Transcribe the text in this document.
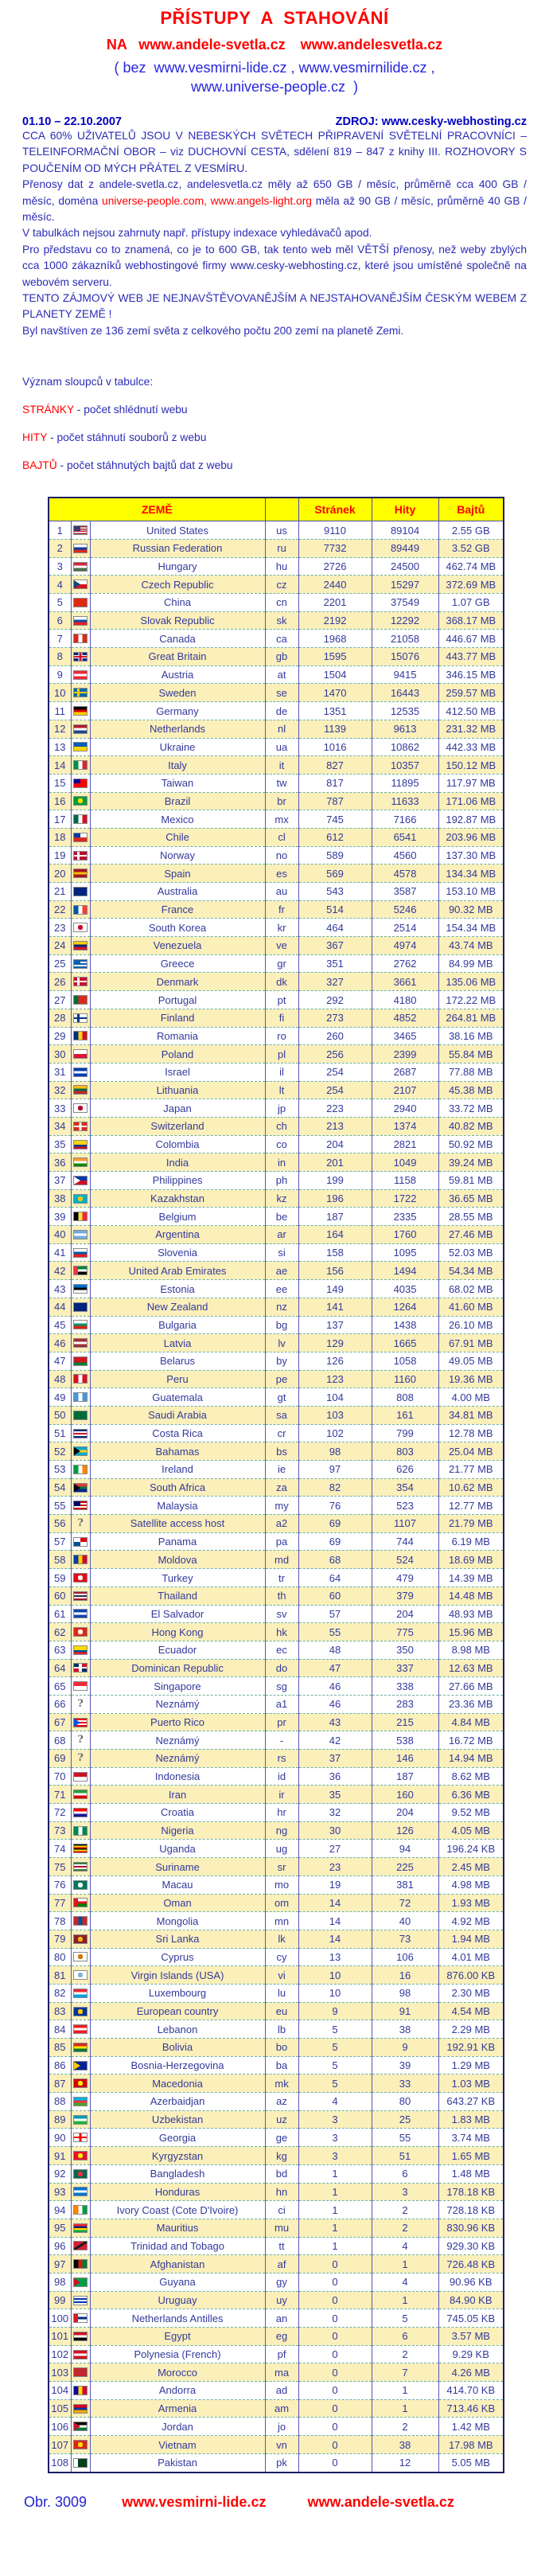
PŘÍSTUPY  A  STAHOVÁNÍ
NA www.andele-svetla.cz www.andelesvetla.cz
( bez  www.vesmirni-lide.cz , www.vesmirnilide.cz ,
www.universe-people.cz  )
01.10 – 22.10.2007	ZDROJ: www.cesky-webhosting.cz

CCA 60% UŽIVATELŮ JSOU V NEBESKÝCH SVĚTECH PŘIPRAVENÍ SVĚTELNÍ PRACOVNÍCI – TELEINFORMAČNÍ OBOR – viz DUCHOVNÍ CESTA, sdělení 819 – 847 z knihy III. ROZHOVORY S POUČENÍM OD MÝCH PŘÁTEL Z VESMÍRU.

Přenosy dat z andele-svetla.cz, andelesvetla.cz měly až 650 GB / měsíc, průměrně cca 400 GB / měsíc, doména universe-people.com, www.angels-light.org měla až 90 GB / měsíc, průměrně 40 GB / měsíc.

V tabulkách nejsou zahrnuty např. přístupy indexace vyhledávačů apod.

Pro představu co to znamená, co je to 600 GB, tak tento web měl VĚTŠÍ přenosy, než weby zbylých cca 1000 zákazníků webhostingové firmy www.cesky-webhosting.cz, které jsou umístěné společně na webovém serveru.

TENTO ZÁJMOVÝ WEB JE NEJNAVŠTĚVOVANĚJŠÍM A NEJSTAHOVANĚJŠÍM ČESKÝM WEBEM Z PLANETY ZEMĚ !

Byl navštíven ze 136 zemí světa z celkového počtu 200 zemí na planetě Zemi.

Význam sloupců v tabulce:
STRÁNKY - počet shlédnutí webu
HITY - počet stáhnutí souborů z webu
BAJTŮ - počet stáhnutých bajtů dat z webu
ZEMĚ				Stránek	Hity	Bajtů
1		United States	us	9110	89104	2.55 GB
2		Russian Federation	ru	7732	89449	3.52 GB
3		Hungary	hu	2726	24500	462.74 MB
4		Czech Republic	cz	2440	15297	372.69 MB
5		China	cn	2201	37549	1.07 GB
6		Slovak Republic	sk	2192	12292	368.17 MB
7		Canada	ca	1968	21058	446.67 MB
8		Great Britain	gb	1595	15076	443.77 MB
9		Austria	at	1504	9415	346.15 MB
10		Sweden	se	1470	16443	259.57 MB
11		Germany	de	1351	12535	412.50 MB
12		Netherlands	nl	1139	9613	231.32 MB
13		Ukraine	ua	1016	10862	442.33 MB
14		Italy	it	827	10357	150.12 MB
15		Taiwan	tw	817	11895	117.97 MB
16		Brazil	br	787	11633	171.06 MB
17		Mexico	mx	745	7166	192.87 MB
18		Chile	cl	612	6541	203.96 MB
19		Norway	no	589	4560	137.30 MB
20		Spain	es	569	4578	134.34 MB
21		Australia	au	543	3587	153.10 MB
22		France	fr	514	5246	90.32 MB
23		South Korea	kr	464	2514	154.34 MB
24		Venezuela	ve	367	4974	43.74 MB
25		Greece	gr	351	2762	84.99 MB
26		Denmark	dk	327	3661	135.06 MB
27		Portugal	pt	292	4180	172.22 MB
28		Finland	fi	273	4852	264.81 MB
29		Romania	ro	260	3465	38.16 MB
30		Poland	pl	256	2399	55.84 MB
31		Israel	il	254	2687	77.88 MB
32		Lithuania	lt	254	2107	45.38 MB
33		Japan	jp	223	2940	33.72 MB
34		Switzerland	ch	213	1374	40.82 MB
35		Colombia	co	204	2821	50.92 MB
36		India	in	201	1049	39.24 MB
37		Philippines	ph	199	1158	59.81 MB
38		Kazakhstan	kz	196	1722	36.65 MB
39		Belgium	be	187	2335	28.55 MB
40		Argentina	ar	164	1760	27.46 MB
41		Slovenia	si	158	1095	52.03 MB
42		United Arab Emirates	ae	156	1494	54.34 MB
43		Estonia	ee	149	4035	68.02 MB
44		New Zealand	nz	141	1264	41.60 MB
45		Bulgaria	bg	137	1438	26.10 MB
46		Latvia	lv	129	1665	67.91 MB
47		Belarus	by	126	1058	49.05 MB
48		Peru	pe	123	1160	19.36 MB
49		Guatemala	gt	104	808	4.00 MB
50		Saudi Arabia	sa	103	161	34.81 MB
51		Costa Rica	cr	102	799	12.78 MB
52		Bahamas	bs	98	803	25.04 MB
53		Ireland	ie	97	626	21.77 MB
54		South Africa	za	82	354	10.62 MB
55		Malaysia	my	76	523	12.77 MB
56	?	Satellite access host	a2	69	1107	21.79 MB
57		Panama	pa	69	744	6.19 MB
58		Moldova	md	68	524	18.69 MB
59		Turkey	tr	64	479	14.39 MB
60		Thailand	th	60	379	14.48 MB
61		El Salvador	sv	57	204	48.93 MB
62		Hong Kong	hk	55	775	15.96 MB
63		Ecuador	ec	48	350	8.98 MB
64		Dominican Republic	do	47	337	12.63 MB
65		Singapore	sg	46	338	27.66 MB
66	?	Neznámý	a1	46	283	23.36 MB
67		Puerto Rico	pr	43	215	4.84 MB
68	?	Neznámý	-	42	538	16.72 MB
69	?	Neznámý	rs	37	146	14.94 MB
70		Indonesia	id	36	187	8.62 MB
71		Iran	ir	35	160	6.36 MB
72		Croatia	hr	32	204	9.52 MB
73		Nigeria	ng	30	126	4.05 MB
74		Uganda	ug	27	94	196.24 KB
75		Suriname	sr	23	225	2.45 MB
76		Macau	mo	19	381	4.98 MB
77		Oman	om	14	72	1.93 MB
78		Mongolia	mn	14	40	4.92 MB
79		Sri Lanka	lk	14	73	1.94 MB
80		Cyprus	cy	13	106	4.01 MB
81		Virgin Islands (USA)	vi	10	16	876.00 KB
82		Luxembourg	lu	10	98	2.30 MB
83		European country	eu	9	91	4.54 MB
84		Lebanon	lb	5	38	2.29 MB
85		Bolivia	bo	5	9	192.91 KB
86		Bosnia-Herzegovina	ba	5	39	1.29 MB
87		Macedonia	mk	5	33	1.03 MB
88		Azerbaidjan	az	4	80	643.27 KB
89		Uzbekistan	uz	3	25	1.83 MB
90		Georgia	ge	3	55	3.74 MB
91		Kyrgyzstan	kg	3	51	1.65 MB
92		Bangladesh	bd	1	6	1.48 MB
93		Honduras	hn	1	3	178.18 KB
94		Ivory Coast (Cote D'Ivoire)	ci	1	2	728.18 KB
95		Mauritius	mu	1	2	830.96 KB
96		Trinidad and Tobago	tt	1	4	929.30 KB
97		Afghanistan	af	0	1	726.48 KB
98		Guyana	gy	0	4	90.96 KB
99		Uruguay	uy	0	1	84.90 KB
100		Netherlands Antilles	an	0	5	745.05 KB
101		Egypt	eg	0	6	3.57 MB
102		Polynesia (French)	pf	0	2	9.29 KB
103		Morocco	ma	0	7	4.26 MB
104		Andorra	ad	0	1	414.70 KB
105		Armenia	am	0	1	713.46 KB
106		Jordan	jo	0	2	1.42 MB
107		Vietnam	vn	0	38	17.98 MB
108		Pakistan	pk	0	12	5.05 MB
Obr. 3009 www.vesmirni-lide.cz	www.andele-svetla.cz
